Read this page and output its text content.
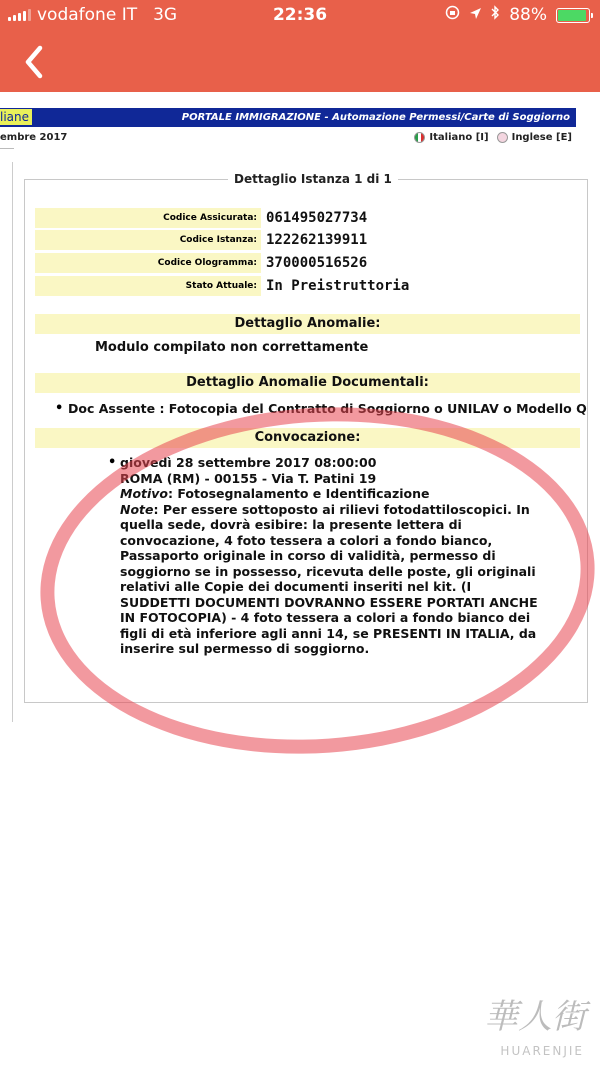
vodafone IT 3G	22:36	88%
liane	PORTALE IMMIGRAZIONE - Automazione Permessi/Carte di Soggiorno
embre 2017	Italiano [I] Inglese [E]
Dettaglio Istanza 1 di 1
Codice Assicurata: 061495027734
Codice Istanza: 122262139911
Codice Ologramma: 370000516526
Stato Attuale: In Preistruttoria
Dettaglio Anomalie:
Modulo compilato non correttamente
Dettaglio Anomalie Documentali:
• Doc Assente : Fotocopia del Contratto di Soggiorno o UNILAV o Modello Q
Convocazione:
• giovedì 28 settembre 2017 08:00:00
ROMA (RM) - 00155 - Via T. Patini 19
Motivo: Fotosegnalamento e Identificazione
Note: Per essere sottoposto ai rilievi fotodattiloscopici. In quella sede, dovrà esibire: la presente lettera di convocazione, 4 foto tessera a colori a fondo bianco, Passaporto originale in corso di validità, permesso di soggiorno se in possesso, ricevuta delle poste, gli originali relativi alle Copie dei documenti inseriti nel kit. (I SUDDETTI DOCUMENTI DOVRANNO ESSERE PORTATI ANCHE IN FOTOCOPIA) - 4 foto tessera a colori a fondo bianco dei figli di età inferiore agli anni 14, se PRESENTI IN ITALIA, da inserire sul permesso di soggiorno.
華人街
HUARENJIE
